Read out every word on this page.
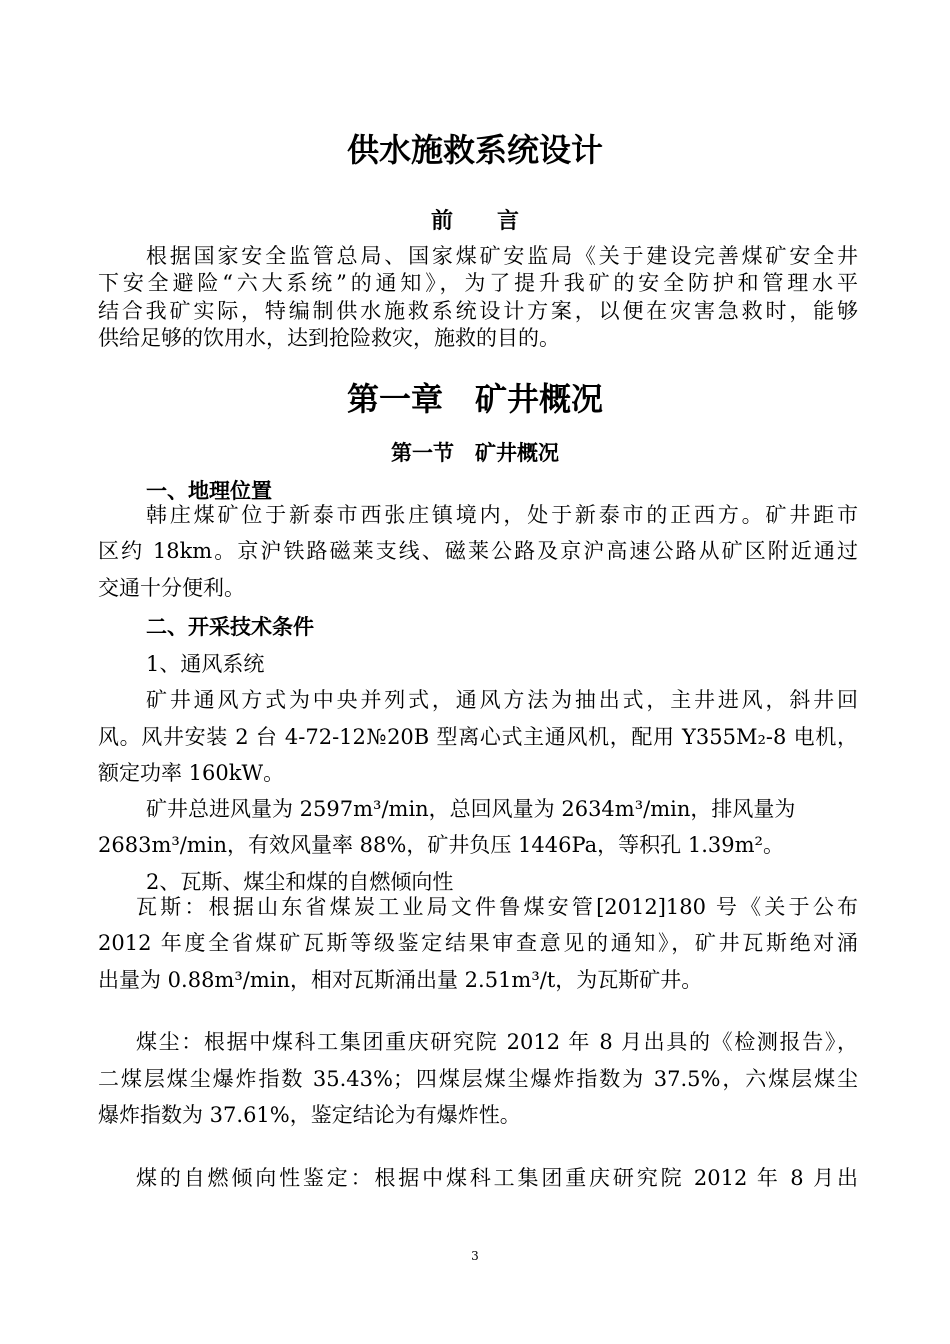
供水施救系统设计
前　　言
根据国家安全监管总局、国家煤矿安监局《关于建设完善煤矿安全井
下安全避险“六大系统”的通知》，为了提升我矿的安全防护和管理水平
结合我矿实际，特编制供水施救系统设计方案，以便在灾害急救时，能够
供给足够的饮用水，达到抢险救灾，施救的目的。
第一章　矿井概况
第一节　矿井概况
一、地理位置
韩庄煤矿位于新泰市西张庄镇境内，处于新泰市的正西方。矿井距市
区约 18km。京沪铁路磁莱支线、磁莱公路及京沪高速公路从矿区附近通过
交通十分便利。
二、开采技术条件
1、通风系统
矿井通风方式为中央并列式，通风方法为抽出式，主井进风，斜井回
风。风井安装 2 台 4-72-12№20B 型离心式主通风机，配用 Y355M₂-8 电机，
额定功率 160kW。
矿井总进风量为 2597m³/min，总回风量为 2634m³/min，排风量为
2683m³/min，有效风量率 88%，矿井负压 1446Pa，等积孔 1.39m²。
2、瓦斯、煤尘和煤的自燃倾向性
瓦斯：根据山东省煤炭工业局文件鲁煤安管[2012]180 号《关于公布
2012 年度全省煤矿瓦斯等级鉴定结果审查意见的通知》，矿井瓦斯绝对涌
出量为 0.88m³/min，相对瓦斯涌出量 2.51m³/t，为瓦斯矿井。
煤尘：根据中煤科工集团重庆研究院 2012 年 8 月出具的《检测报告》，
二煤层煤尘爆炸指数 35.43%；四煤层煤尘爆炸指数为 37.5%，六煤层煤尘
爆炸指数为 37.61%，鉴定结论为有爆炸性。
煤的自燃倾向性鉴定：根据中煤科工集团重庆研究院 2012 年 8 月出
3
